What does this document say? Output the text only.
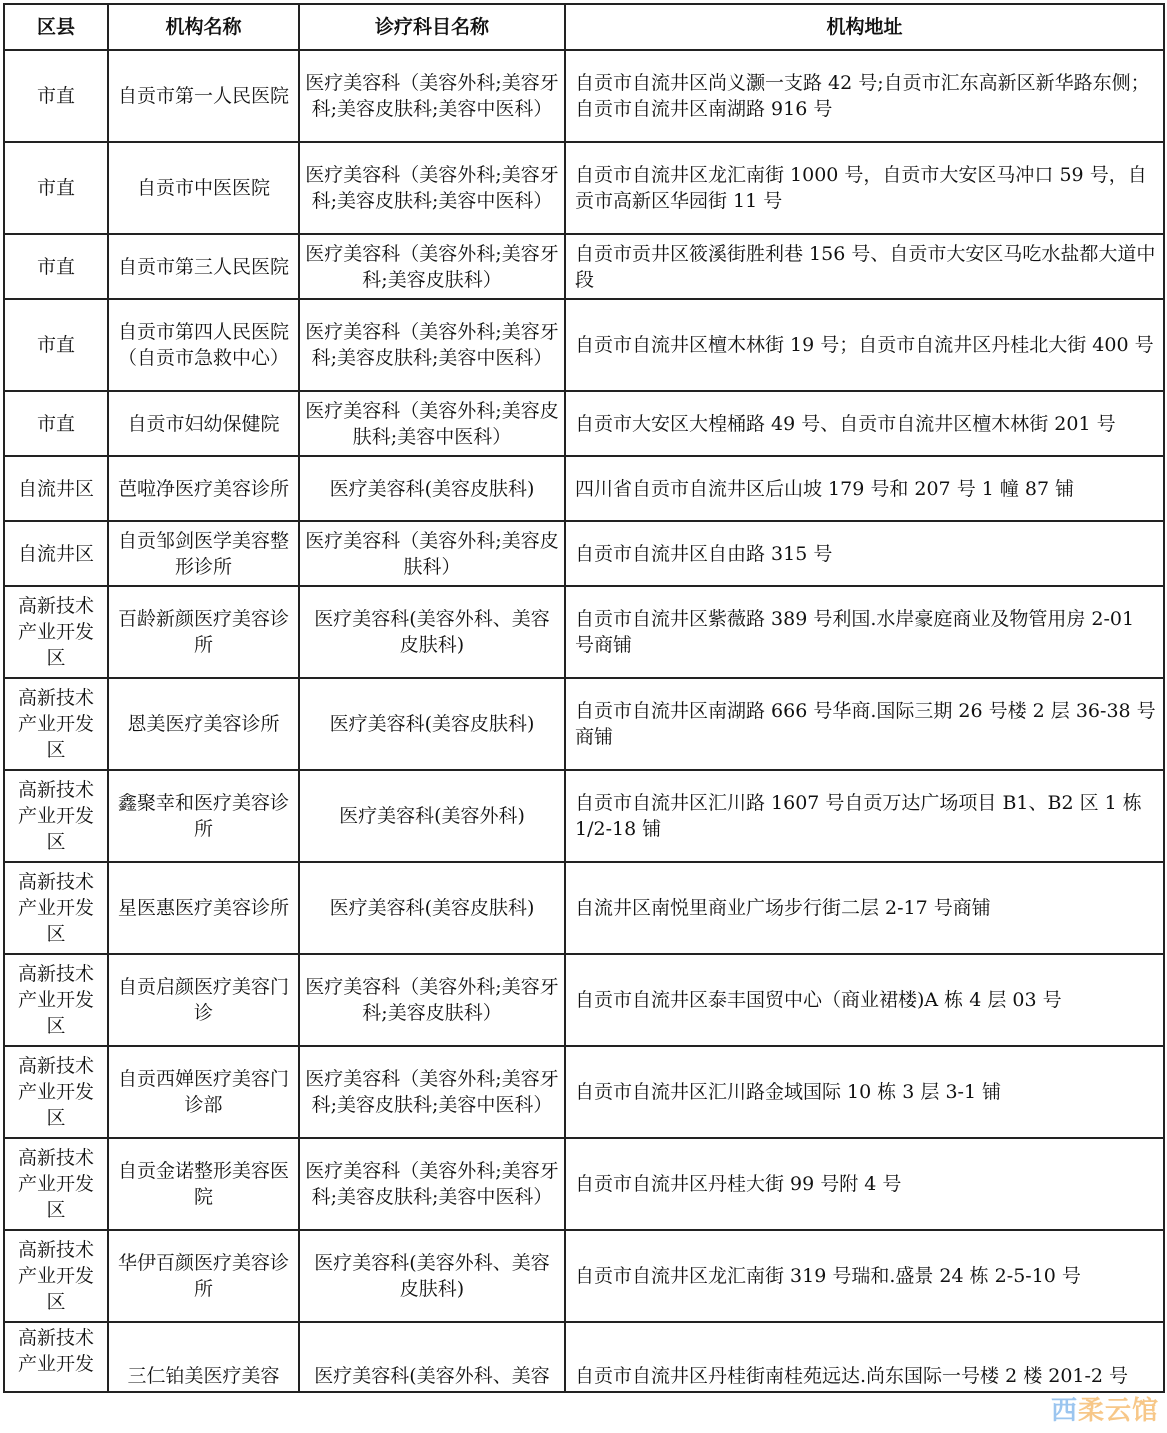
区县	机构名称	诊疗科目名称	机构地址
市直	自贡市第一人民医院	医疗美容科（美容外科;美容牙科;美容皮肤科;美容中医科）	自贡市自流井区尚义灏一支路 42 号;自贡市汇东高新区新华路东侧；自贡市自流井区南湖路 916 号
市直	自贡市中医医院	医疗美容科（美容外科;美容牙科;美容皮肤科;美容中医科）	自贡市自流井区龙汇南街 1000 号，自贡市大安区马冲口 59 号，自贡市高新区华园街 11 号
市直	自贡市第三人民医院	医疗美容科（美容外科;美容牙科;美容皮肤科）	自贡市贡井区筱溪街胜利巷 156 号、自贡市大安区马吃水盐都大道中段
市直	自贡市第四人民医院（自贡市急救中心）	医疗美容科（美容外科;美容牙科;美容皮肤科;美容中医科）	自贡市自流井区檀木林街 19 号；自贡市自流井区丹桂北大街 400 号
市直	自贡市妇幼保健院	医疗美容科（美容外科;美容皮肤科;美容中医科）	自贡市大安区大楻桶路 49 号、自贡市自流井区檀木林街 201 号
自流井区	芭啦净医疗美容诊所	医疗美容科(美容皮肤科)	四川省自贡市自流井区后山坡 179 号和 207 号 1 幢 87 铺
自流井区	自贡邹剑医学美容整形诊所	医疗美容科（美容外科;美容皮肤科）	自贡市自流井区自由路 315 号
高新技术产业开发区	百龄新颜医疗美容诊所	医疗美容科(美容外科、美容皮肤科)	自贡市自流井区紫薇路 389 号利国.水岸豪庭商业及物管用房 2-01 号商铺
高新技术产业开发区	恩美医疗美容诊所	医疗美容科(美容皮肤科)	自贡市自流井区南湖路 666 号华商.国际三期 26 号楼 2 层 36-38 号商铺
高新技术产业开发区	鑫聚幸和医疗美容诊所	医疗美容科(美容外科)	自贡市自流井区汇川路 1607 号自贡万达广场项目 B1、B2 区 1 栋 1/2-18 铺
高新技术产业开发区	星医惠医疗美容诊所	医疗美容科(美容皮肤科)	自流井区南悦里商业广场步行街二层 2-17 号商铺
高新技术产业开发区	自贡启颜医疗美容门诊	医疗美容科（美容外科;美容牙科;美容皮肤科）	自贡市自流井区泰丰国贸中心（商业裙楼)A 栋 4 层 03 号
高新技术产业开发区	自贡西婵医疗美容门诊部	医疗美容科（美容外科;美容牙科;美容皮肤科;美容中医科）	自贡市自流井区汇川路金域国际 10 栋 3 层 3-1 铺
高新技术产业开发区	自贡金诺整形美容医院	医疗美容科（美容外科;美容牙科;美容皮肤科;美容中医科）	自贡市自流井区丹桂大街 99 号附 4 号
高新技术产业开发区	华伊百颜医疗美容诊所	医疗美容科(美容外科、美容皮肤科)	自贡市自流井区龙汇南街 319 号瑞和.盛景 24 栋 2-5-10 号
高新技术产业开发	三仁铂美医疗美容	医疗美容科(美容外科、美容	自贡市自流井区丹桂街南桂苑远达.尚东国际一号楼 2 楼 201-2 号
西柔云馆
